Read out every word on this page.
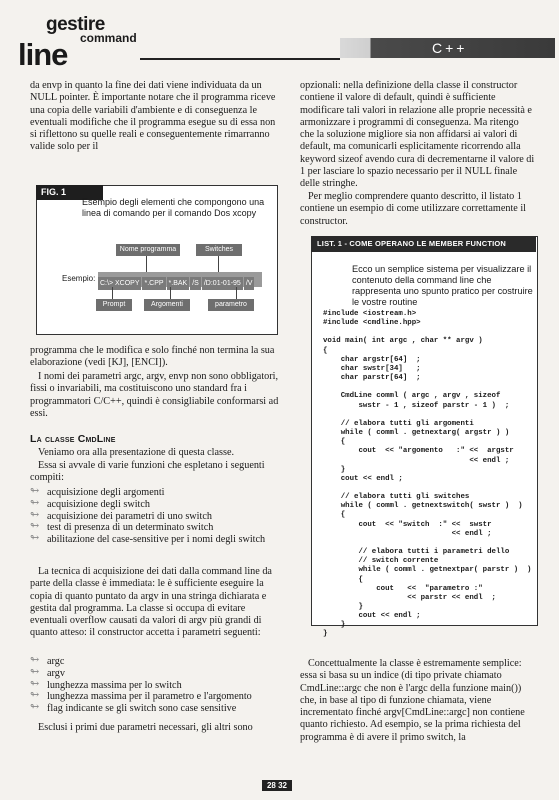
gestire
command
line	C++

da envp in quanto la fine dei dati viene individuata da un NULL pointer. È importante notare che il programma riceve una copia delle variabili d'ambiente e di conseguenza le eventuali modifiche che il programma esegue su di essa non si riflettono su quelle reali e conseguentemente rimarranno valide solo per il

FIG. 1
Esempio degli elementi che compongono una linea di comando per il comando Dos xcopy
Nome programma	Switches
Esempio:
C:\> XCOPY *.CPP *.BAK /S /D:01-01-95 /V
Prompt	Argomenti	parametro

programma che le modifica e solo finché non termina la sua elaborazione (vedi [KJ], [ENCI]).

I nomi dei parametri argc, argv, envp non sono obbligatori, fissi o invariabili, ma costituiscono uno standard fra i programmatori C/C++, quindi è consigliabile conformarsi ad essi.

La classe CmdLine

Veniamo ora alla presentazione di questa classe.

Essa si avvale di varie funzioni che espletano i seguenti compiti:

↬ acquisizione degli argomenti
↬ acquisizione degli switch
↬ acquisizione dei parametri di uno switch
↬ test di presenza di un determinato switch
↬ abilitazione del case-sensitive per i nomi degli switch

La tecnica di acquisizione dei dati dalla command line da parte della classe è immediata: le è sufficiente eseguire la copia di quanto puntato da argv in una stringa dichiarata e gestita dal programma. La classe si occupa di evitare eventuali overflow causati da valori di argv più grandi di quanto atteso: il constructor accetta i parametri seguenti:

↬ argc
↬ argv
↬ lunghezza massima per lo switch
↬ lunghezza massima per il parametro e l'argomento
↬ flag indicante se gli switch sono case sensitive

Esclusi i primi due parametri necessari, gli altri sono

opzionali: nella definizione della classe il constructor contiene il valore di default, quindi è sufficiente modificare tali valori in relazione alle proprie necessità e armonizzare i programmi di conseguenza. Ma ritengo che la soluzione migliore sia non affidarsi ai valori di default, ma comunicarli esplicitamente ricorrendo alla keyword sizeof avendo cura di decrementarne il valore di 1 per lasciare lo spazio necessario per il NULL finale delle stringhe.

Per meglio comprendere quanto descritto, il listato 1 contiene un esempio di come utilizzare correttamente il constructor.

LIST. 1 - COME OPERANO LE MEMBER FUNCTION
Ecco un semplice sistema per visualizzare il contenuto della command line che rappresenta uno spunto pratico per costruire le vostre routine
#include <iostream.h>
#include <cmdline.hpp>

void main( int argc , char ** argv )
{
char argstr[64]  ;
char swstr[34]   ;
char parstr[64]  ;

CmdLine comml ( argc , argv , sizeof
swstr - 1 , sizeof parstr - 1 )  ;

// elabora tutti gli argomenti
while ( comml . getnextarg( argstr ) )
{
cout  << "argomento   :" <<  argstr
<< endl ;
}
cout << endl ;

// elabora tutti gli switches
while ( comml . getnextswitch( swstr )  )
{
cout  << "switch  :" <<  swstr
<< endl ;

// elabora tutti i parametri dello
// switch corrente
while ( comml . getnextpar( parstr )  )
{
cout   <<  "parametro :"
<< parstr << endl  ;
}
cout << endl ;
}
}

Concettualmente la classe è estremamente semplice: essa si basa su un indice (di tipo private chiamato CmdLine::argc che non è l'argc della funzione main()) che, in base al tipo di funzione chiamata, viene incrementato finché argv[CmdLine::argc] non contiene quanto richiesto. Ad esempio, se la prima richiesta del programma è di avere il primo switch, la

28 32
